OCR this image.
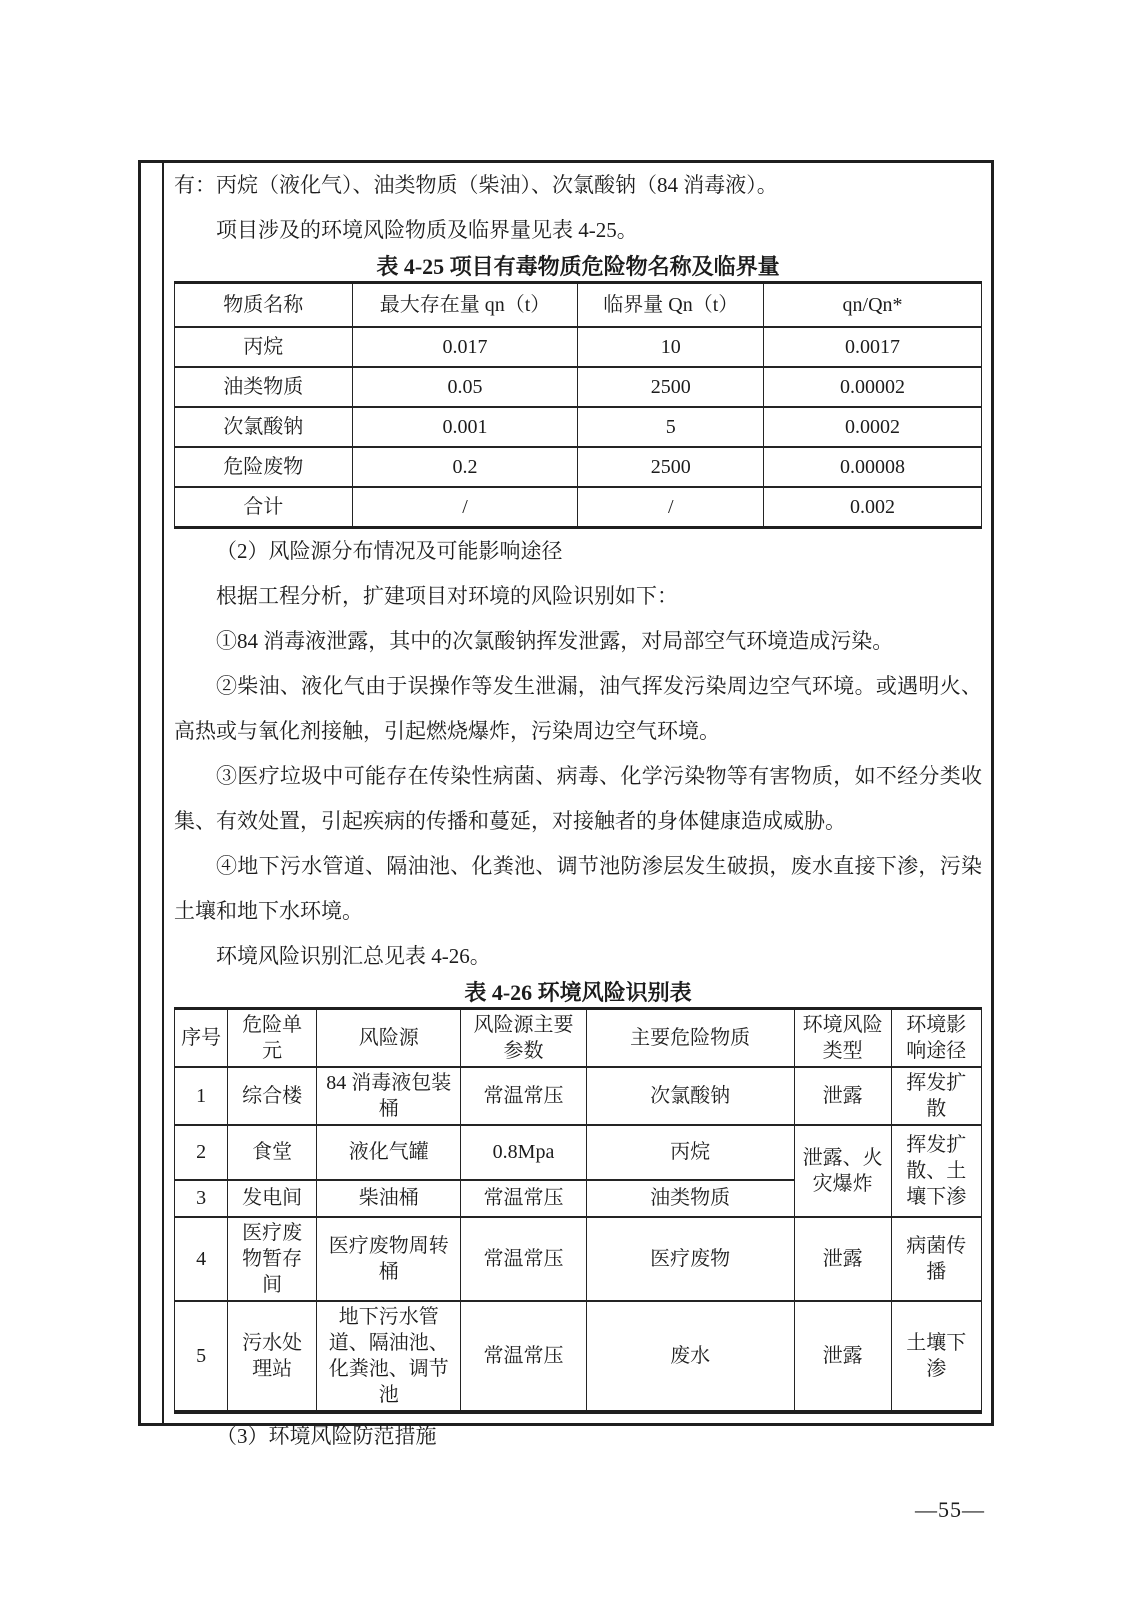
有：丙烷（液化气）、油类物质（柴油）、次氯酸钠（84 消毒液）。

项目涉及的环境风险物质及临界量见表 4-25。

表 4-25 项目有毒物质危险物名称及临界量

物质名称	最大存在量 qn（t）	临界量 Qn（t）	qn/Qn*
丙烷	0.017	10	0.0017
油类物质	0.05	2500	0.00002
次氯酸钠	0.001	5	0.0002
危险废物	0.2	2500	0.00008
合计	/	/	0.002

（2）风险源分布情况及可能影响途径

根据工程分析，扩建项目对环境的风险识别如下：

①84 消毒液泄露，其中的次氯酸钠挥发泄露，对局部空气环境造成污染。

②柴油、液化气由于误操作等发生泄漏，油气挥发污染周边空气环境。或遇明火、高热或与氧化剂接触，引起燃烧爆炸，污染周边空气环境。

③医疗垃圾中可能存在传染性病菌、病毒、化学污染物等有害物质，如不经分类收集、有效处置，引起疾病的传播和蔓延，对接触者的身体健康造成威胁。

④地下污水管道、隔油池、化粪池、调节池防渗层发生破损，废水直接下渗，污染土壤和地下水环境。

环境风险识别汇总见表 4-26。

表 4-26 环境风险识别表

序号	危险单元	风险源	风险源主要参数	主要危险物质	环境风险类型	环境影响途径
1	综合楼	84 消毒液包装桶	常温常压	次氯酸钠	泄露	挥发扩散
2	食堂	液化气罐	0.8Mpa	丙烷	泄露、火灾爆炸	挥发扩散、土壤下渗
3	发电间	柴油桶	常温常压	油类物质		
4	医疗废物暂存间	医疗废物周转桶	常温常压	医疗废物	泄露	病菌传播
5	污水处理站	地下污水管道、隔油池、化粪池、调节池	常温常压	废水	泄露	土壤下渗

（3）环境风险防范措施

—55—
